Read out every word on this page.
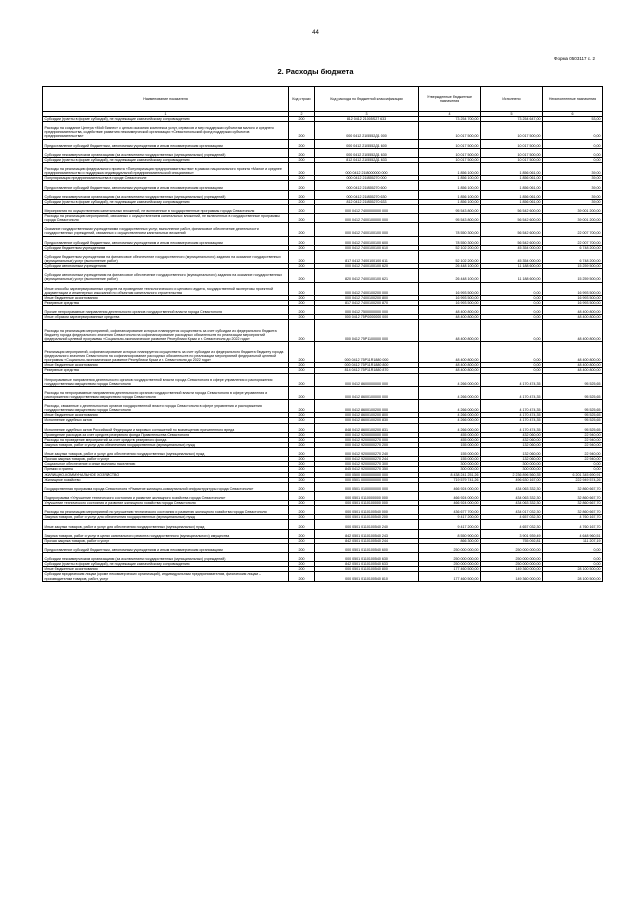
44
Форма 0503117 с. 2
2. Расходы бюджета
Наименование показателя	Код строки	Код расхода по бюджетной классификации	Утвержденные бюджетные назначения	Исполнено	Неисполненные назначения
1	2	3	4	5	6
Субсидии (гранты в форме субсидий), не подлежащие казначейскому сопровождению	200	812 0412 21005S27 633	73 254 700,00	73 254 647,00	53,00
Расходы на создание Центра «Мой бизнес» с целью оказания комплекса услуг, сервисов и мер поддержки субъектам малого и среднего предпринимательства, содействие развитию некоммерческой организации «Севастопольский фонд поддержки субъектов предпринимательства»	200	000 0412 21I5552Д1 000	10 017 500,00	10 017 500,00	0,00
Предоставление субсидий бюджетным, автономным учреждениям и иным некоммерческим организациям	200	000 0412 21I5552Д1 600	10 017 500,00	10 017 500,00	0,00
Субсидии некоммерческим организациям (за исключением государственных (муниципальных) учреждений)	200	000 0412 21I5552Д1 630	10 017 500,00	10 017 500,00	0,00
Субсидии (гранты в форме субсидий), не подлежащие казначейскому сопровождению	200	812 0412 21I5552Д1 633	10 017 500,00	10 017 500,00	0,00
Расходы на реализацию федерального проекта «Популяризация предпринимательства» в рамках национального проекта «Малое и среднее предпринимательство и поддержка индивидуальной предпринимательской инициативы»	200	000 0412 21I8000000 000	1 856 100,00	1 856 061,00	39,00
Популяризация предпринимательства в городе Севастополе	200	000 0412 21I855270 000	1 856 100,00	1 856 061,00	39,00
Предоставление субсидий бюджетным, автономным учреждениям и иным некоммерческим организациям	200	000 0412 21I855270 600	1 856 100,00	1 856 061,00	39,00
Субсидии некоммерческим организациям (за исключением государственных (муниципальных) учреждений)	200	000 0412 21I855270 630	1 856 100,00	1 856 061,00	39,00
Субсидии (гранты в форме субсидий), не подлежащие казначейскому сопровождению	200	812 0412 21I855270 633	1 856 100,00	1 856 061,00	39,00
Мероприятия по осуществлению капитальных вложений, не включенные в государственные программы города Севастополя	200	000 0412 7400000000 000	95 543 800,00	56 542 600,00	39 001 200,00
Расходы на реализацию мероприятий, связанных с осуществлением капитальных вложений, не включенных в государственные программы города Севастополя	200	000 0412 7400100000 000	95 543 800,00	56 542 600,00	39 001 200,00
Оказание государственными учреждениями государственных услуг, выполнение работ, финансовое обеспечение деятельности государственных учреждений, связанных с осуществлением капитальных вложений	200	000 0412 7400100100 000	78 550 300,00	56 542 600,00	22 007 700,00
Предоставление субсидий бюджетным, автономным учреждениям и иным некоммерческим организациям	200	000 0412 7400100100 600	78 550 300,00	56 542 600,00	22 007 700,00
Субсидии бюджетным учреждениям	200	000 0412 7400100100 610	52 102 200,00	45 354 000,00	6 748 200,00
Субсидии бюджетным учреждениям на финансовое обеспечение государственного (муниципального) задания на оказание государственных (муниципальных) услуг (выполнение работ)	200	817 0412 7400100100 611	52 102 200,00	45 354 000,00	6 748 200,00
Субсидии автономным учреждениям	200	000 0412 7400100100 620	26 448 100,00	11 188 600,00	15 259 500,00
Субсидии автономным учреждениям на финансовое обеспечение государственного (муниципального) задания на оказание государственных (муниципальных) услуг (выполнение работ)	200	820 0412 7400100100 621	26 448 100,00	11 188 600,00	15 259 500,00
Иные способы зарезервированных средств на проведение технологического и ценового аудита, государственной экспертизы проектной документации и инженерных изысканий по объектам капитального строительства	200	000 0412 7400100200 000	16 993 500,00	0,00	16 993 500,00
Иные бюджетные ассигнования	200	000 0412 7400100200 800	16 993 500,00	0,00	16 993 500,00
Резервные средства	200	817 0412 7400100200 870	16 993 500,00	0,00	16 993 500,00
Прочие непрограммные направления деятельности органов государственной власти города Севастополя	200	000 0412 7500000000 000	48 400 800,00	0,00	48 400 800,00
Иные образом зарезервированные средства	200	000 0412 75Р0000000 000	48 400 800,00	0,00	48 400 800,00
Расходы на реализацию мероприятий, софинансирование которых планируется осуществить за счет субсидии из федерального бюджета бюджету города федерального значения Севастополя на софинансирование расходных обязательств по реализации мероприятий федеральной целевой программы «Социально-экономическое развитие Республики Крым и г. Севастополя до 2022 года»	200	000 0412 75Р1100000 000	48 400 800,00	0,00	48 400 800,00
Реализация мероприятий, софинансирование которых планируется осуществить за счет субсидии из федерального бюджета бюджету города федерального значения Севастополя на софинансирование расходных обязательств по реализации мероприятий федеральной целевой программы «Социально-экономическое развитие Республики Крым и г. Севастополя до 2022 года»	200	000 0412 75Р11R1880 000	48 400 800,00	0,00	48 400 800,00
Иные бюджетные ассигнования	200	000 0412 75Р11R1880 800	48 400 800,00	0,00	48 400 800,00
Резервные средства	200	814 0412 75Р11R1880 870	48 400 800,00	0,00	48 400 800,00
Непрограммные направления деятельности органов государственной власти города Севастополя в сфере управления и распоряжения государственным имуществом города Севастополя	200	000 0412 8600000000 000	4 266 000,00	4 170 474,35	95 525,65
Расходы на непрограммные направления деятельности органов государственной власти города Севастополя в сфере управления и распоряжения государственным имуществом города Севастополя	200	000 0412 8600100000 000	4 266 000,00	4 170 474,35	95 525,65
Расходы, связанные с деятельностью органов государственной власти города Севастополя в сфере управления и распоряжения государственным имуществом города Севастополя	200	000 0412 8600100200 000	4 266 000,00	4 170 474,35	95 525,65
Иные бюджетные ассигнования	200	000 0412 8600100200 800	4 266 000,00	4 170 474,35	95 525,65
Исполнение судебных актов	200	000 0412 8600100200 830	4 266 000,00	4 170 474,35	95 525,65
Исполнение судебных актов Российской Федерации и мировых соглашений по возмещению причиненного вреда	200	848 0412 8600100200 831	4 266 000,00	4 170 474,35	95 525,65
Проведение расходов за счет средств резервного фонда Правительства Севастополя	200	000 0412 9200000000 000	455 000,00	432 060,00	22 940,00
Расходы на проведение мероприятий за счет средств резервного фонда	200	000 0412 9200000270 000	455 000,00	432 060,00	22 940,00
Закупка товаров, работ и услуг для обеспечения государственных (муниципальных) нужд	200	000 0412 9200000270 200	155 000,00	132 060,00	22 940,00
Иные закупки товаров, работ и услуг для обеспечения государственных (муниципальных) нужд	200	000 0412 9200000270 240	155 000,00	132 060,00	22 940,00
Прочая закупка товаров, работ и услуг	200	000 0412 9200000270 244	155 000,00	132 060,00	22 940,00
Социальное обеспечение и иные выплаты населению	200	000 0412 9200000270 300	300 000,00	300 000,00	0,00
Премии и гранты	200	845 0412 9200000270 350	300 000,00	300 000,00	0,00
ЖИЛИЩНО-КОММУНАЛЬНОЕ ХОЗЯЙСТВО	200	000 0500 0000000000 000	8 438 241 251,26	2 236 896 560,35	6 201 345 690,91
Жилищное хозяйство	200	000 0501 0000000000 000	719 579 741,26	496 630 167,00	222 949 574,26
Государственная программа города Севастополя «Развитие жилищно-коммунальной инфраструктуры города Севастополя»	200	000 0501 0100000000 000	466 924 000,00	434 063 332,30	32 860 667,70
Подпрограмма «Улучшение технического состояния и развитие жилищного хозяйства города Севастополя»	200	000 0501 0110000000 000	466 924 000,00	434 063 332,30	32 860 667,70
Улучшение технического состояния и развитие жилищного хозяйства города Севастополя	200	000 0501 0110100000 000	466 924 000,00	434 063 332,30	32 860 667,70
Расходы на реализацию мероприятий по улучшению технического состояния и развитию жилищного хозяйства города Севастополя	200	000 0501 0110100540 000	436 677 700,00	434 017 032,30	32 860 667,70
Закупка товаров, работ и услуг для обеспечения государственных (муниципальных) нужд	200	000 0501 0110100540 200	9 417 200,00	4 657 032,30	4 760 167,70
Иные закупки товаров, работ и услуг для обеспечения государственных (муниципальных) нужд	200	000 0501 0110100540 240	9 417 200,00	4 657 032,30	4 760 167,70
Закупка товаров, работ и услуг в целях капитального ремонта государственного (муниципального) имущества	200	842 0501 0110100540 243	8 550 900,00	3 901 939,49	4 648 960,51
Прочая закупка товаров, работ и услуг	200	842 0501 0110100540 244	866 300,00	755 092,81	111 207,19
Предоставление субсидий бюджетным, автономным учреждениям и иным некоммерческим организациям	200	000 0501 0110100540 600	250 000 000,00	250 000 000,00	0,00
Субсидии некоммерческим организациям (за исключением государственных (муниципальных) учреждений)	200	000 0501 0110100540 630	250 000 000,00	250 000 000,00	0,00
Субсидии (гранты в форме субсидий), не подлежащие казначейскому сопровождению	200	842 0501 0110100540 633	250 000 000,00	250 000 000,00	0,00
Иные бюджетные ассигнования	200	000 0501 0110100540 800	177 460 500,00	149 360 000,00	28 100 500,00
Субсидии юридическим лицам (кроме некоммерческих организаций), индивидуальным предпринимателям, физическим лицам – производителям товаров, работ, услуг	200	000 0501 0110100540 810	177 460 500,00	149 360 000,00	28 100 500,00
